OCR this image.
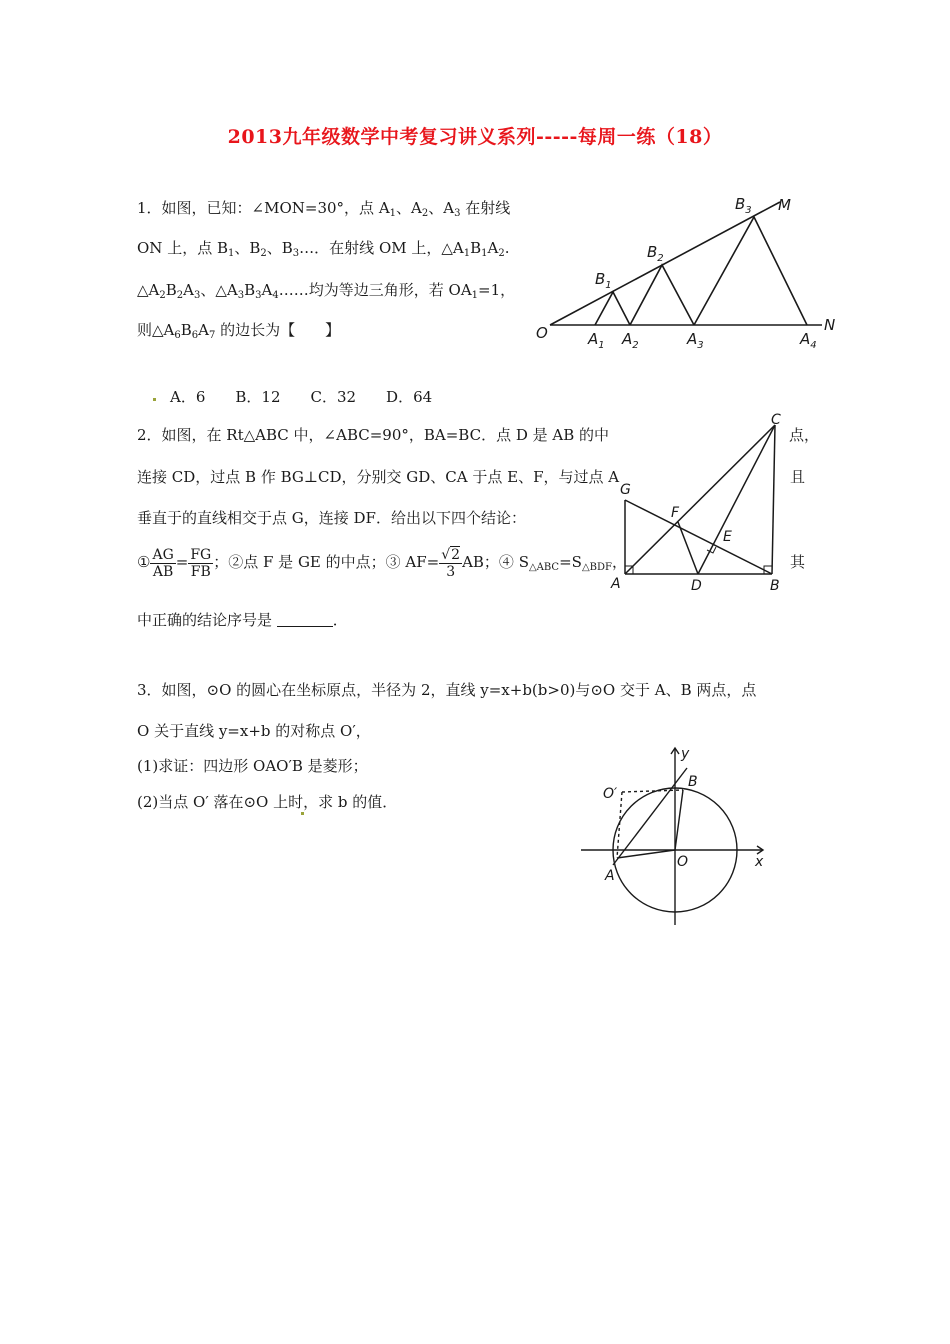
2013九年级数学中考复习讲义系列-----每周一练（18）
1．如图，已知：∠MON=30°，点 $A_1$、$A_2$、$A_3$ 在射线
ON 上，点 $B_1$、$B_2$、$B_3\dots$．在射线 OM 上，$\triangle A_1B_1A_2$.
$\triangle A_2B_2A_3$、$\triangle A_3B_3A_4\dots\dots$均为等边三角形，若 $OA_1=1$，
则$\triangle A_6B_6A_7$ 的边长为【　　】
A．6　　B．12　　C．32　　D．64
O	N
M
$A_1$ $A_2$	$A_3$	$A_4$
$B_1$
$B_2$
$B_3$
2．如图，在 Rt△ABC 中，∠ABC=90°，BA=BC．点 D 是 AB 的中	点，
连接 CD，过点 B 作 BG⊥CD，分别交 GD、CA 于点 E、F，与过点 A	且
垂直于的直线相交于点 G，连接 DF．给出以下四个结论：
① $\frac{AG}{AB} = \frac{FG}{FB}$ ；②点 F 是 GE 的中点；③ $AF= \frac{√2}{3}$ AB；④ $S_{\triangle ABC}=S_{\triangle BDF}$，	其
中正确的结论序号是	．
C
G
F
E
A	D	B
3．如图，⊙O 的圆心在坐标原点，半径为 2，直线 y=x+b(b>0)与⊙O 交于 A、B 两点，点
O 关于直线 y=x+b 的对称点 O′，
(1)求证：四边形 OAO′B 是菱形；
(2)当点 O′ 落在⊙O 上时，求 b 的值．
y
x
B
O′
O
A
